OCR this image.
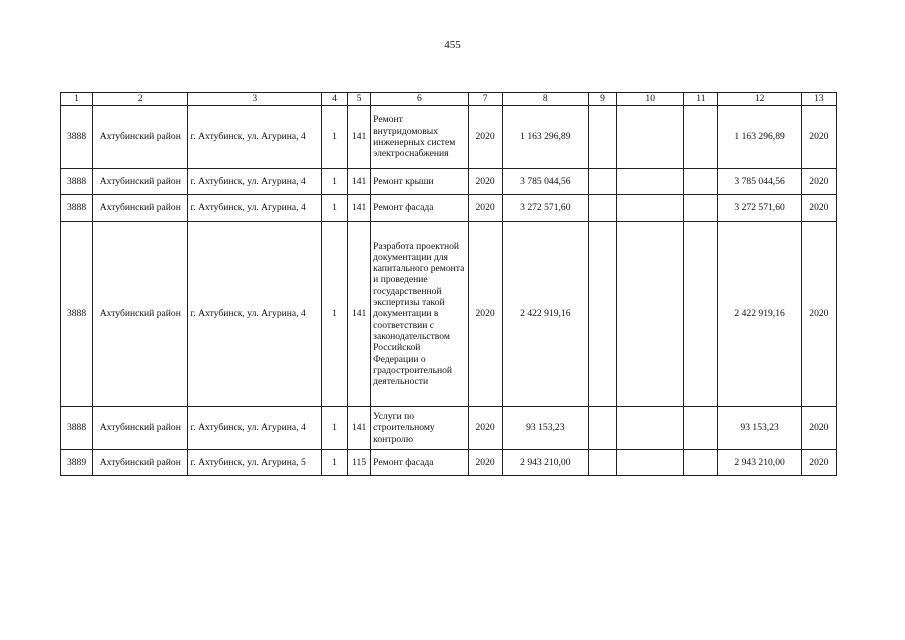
455
1	2	3	4	5	6	7	8	9	10	11	12	13
3888	Ахтубинский район	г. Ахтубинск, ул. Агурина, 4	1	141	Ремонт внутридомовых инженерных систем электроснабжения	2020	1 163 296,89				1 163 296,89	2020
3888	Ахтубинский район	г. Ахтубинск, ул. Агурина, 4	1	141	Ремонт крыши	2020	3 785 044,56				3 785 044,56	2020
3888	Ахтубинский район	г. Ахтубинск, ул. Агурина, 4	1	141	Ремонт фасада	2020	3 272 571,60				3 272 571,60	2020
3888	Ахтубинский район	г. Ахтубинск, ул. Агурина, 4	1	141	Разработа проектной документации для капитального ремонта и проведение государственной экспертизы такой документации в соответствии с законодательством Российской Федерации о градостроительной деятельности	2020	2 422 919,16				2 422 919,16	2020
3888	Ахтубинский район	г. Ахтубинск, ул. Агурина, 4	1	141	Услуги по строительному контролю	2020	93 153,23				93 153,23	2020
3889	Ахтубинский район	г. Ахтубинск, ул. Агурина, 5	1	115	Ремонт фасада	2020	2 943 210,00				2 943 210,00	2020
